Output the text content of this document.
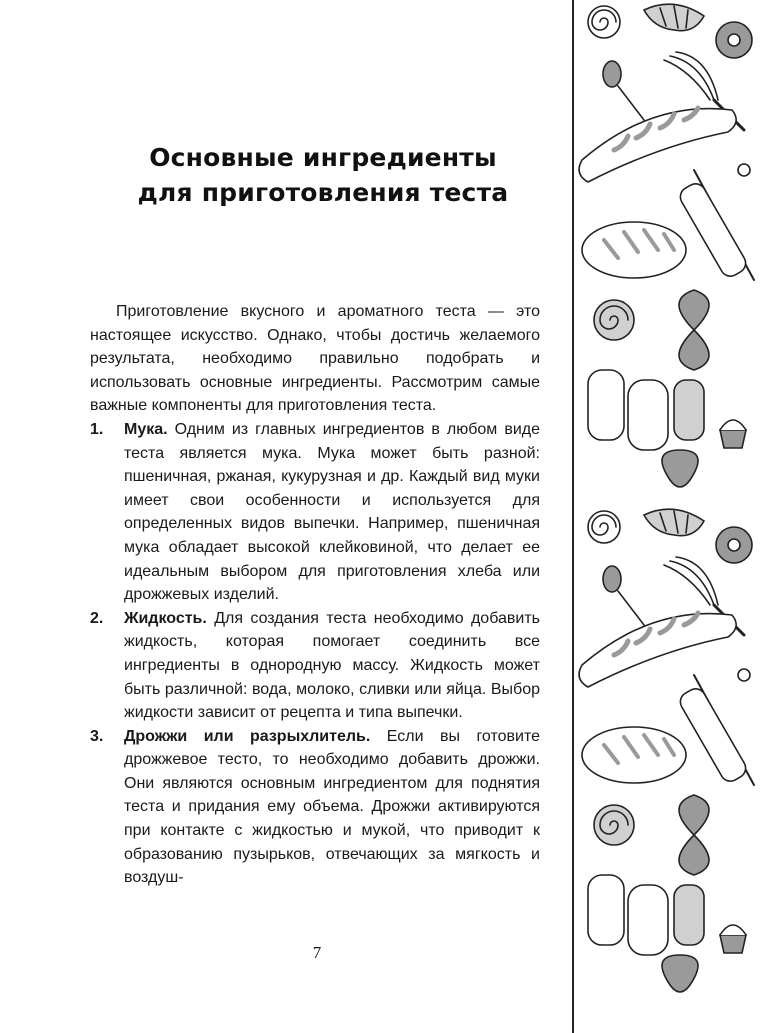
Основные ингредиенты
для приготовления теста

Приготовление вкусного и ароматного теста — это настоящее искусство. Однако, чтобы достичь желаемого результата, необходимо правильно подобрать и использовать основные ингредиенты. Рассмотрим самые важные компоненты для приготовления теста.

1. Мука. Одним из главных ингредиентов в любом виде теста является мука. Мука может быть разной: пшеничная, ржаная, кукурузная и др. Каждый вид муки имеет свои особенности и используется для определенных видов выпечки. Например, пшеничная мука обладает высокой клейковиной, что делает ее идеальным выбором для приготовления хлеба или дрожжевых изделий.
2. Жидкость. Для создания теста необходимо добавить жидкость, которая помогает соединить все ингредиенты в однородную массу. Жидкость может быть различной: вода, молоко, сливки или яйца. Выбор жидкости зависит от рецепта и типа выпечки.
3. Дрожжи или разрыхлитель. Если вы готовите дрожжевое тесто, то необходимо добавить дрожжи. Они являются основным ингредиентом для поднятия теста и придания ему объема. Дрожжи активируются при контакте с жидкостью и мукой, что приводит к образованию пузырьков, отвечающих за мягкость и воздуш-
7
